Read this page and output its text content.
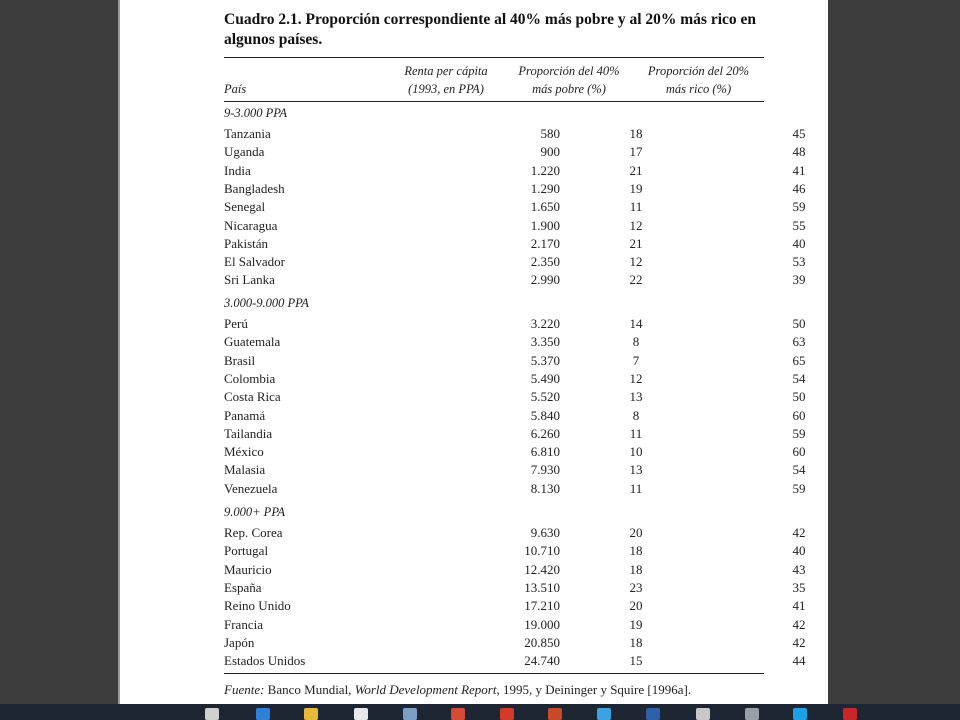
Cuadro 2.1. Proporción correspondiente al 40% más pobre y al 20% más rico en algunos países.
País
Renta per cápita
(1993, en PPA)
Proporción del 40%
más pobre (%)
Proporción del 20%
más rico (%)
9-3.000 PPA
Tanzania	580	18	45
Uganda	900	17	48
India	1.220	21	41
Bangladesh	1.290	19	46
Senegal	1.650	11	59
Nicaragua	1.900	12	55
Pakistán	2.170	21	40
El Salvador	2.350	12	53
Sri Lanka	2.990	22	39
3.000-9.000 PPA
Perú	3.220	14	50
Guatemala	3.350	8	63
Brasil	5.370	7	65
Colombia	5.490	12	54
Costa Rica	5.520	13	50
Panamá	5.840	8	60
Tailandia	6.260	11	59
México	6.810	10	60
Malasia	7.930	13	54
Venezuela	8.130	11	59
9.000+ PPA
Rep. Corea	9.630	20	42
Portugal	10.710	18	40
Mauricio	12.420	18	43
España	13.510	23	35
Reino Unido	17.210	20	41
Francia	19.000	19	42
Japón	20.850	18	42
Estados Unidos	24.740	15	44
Fuente: Banco Mundial, World Development Report, 1995, y Deininger y Squire [1996a].
